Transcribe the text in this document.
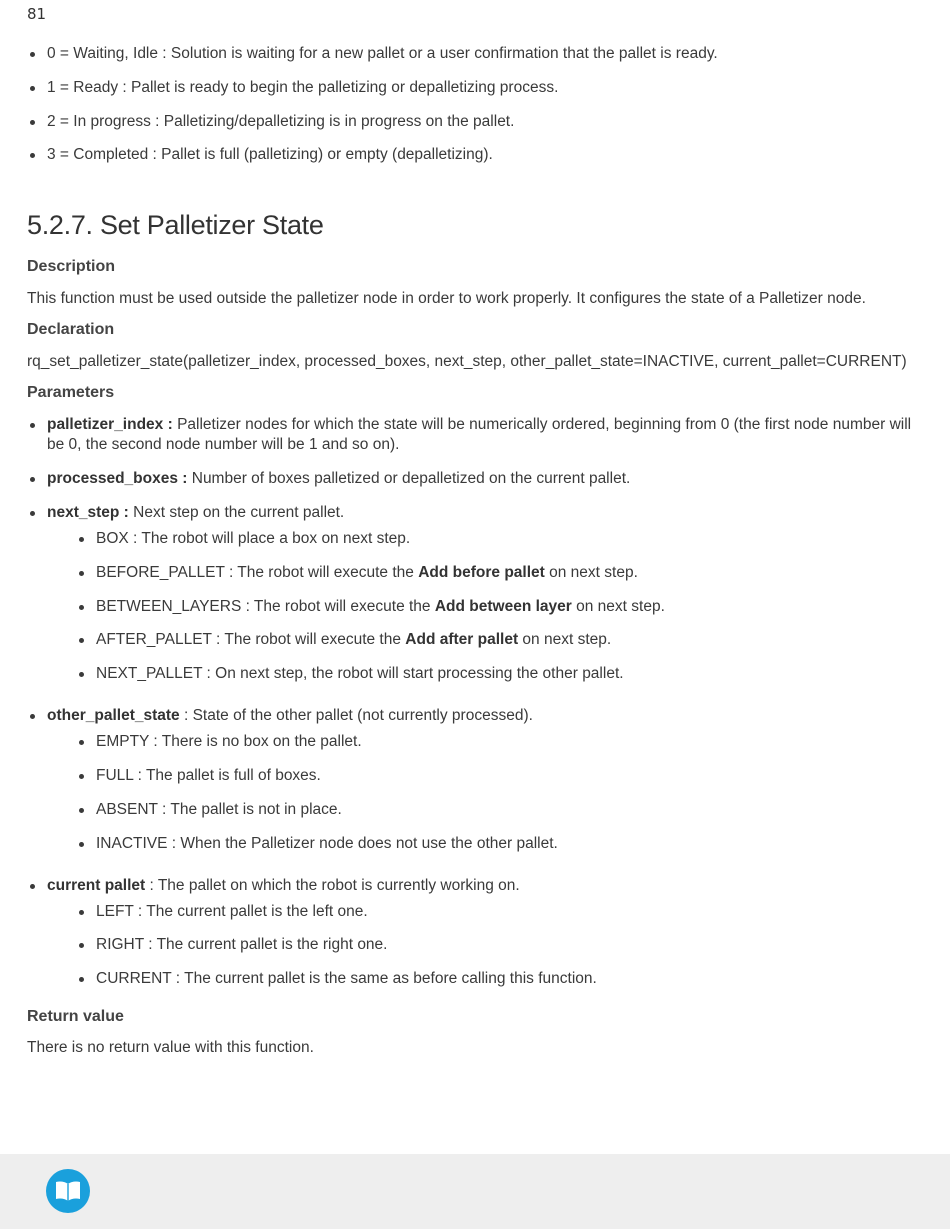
81
0 = Waiting, Idle : Solution is waiting for a new pallet or a user confirmation that the pallet is ready.
1 = Ready : Pallet is ready to begin the palletizing or depalletizing process.
2 = In progress : Palletizing/depalletizing is in progress on the pallet.
3 = Completed : Pallet is full (palletizing) or empty (depalletizing).
5.2.7. Set Palletizer State
Description

This function must be used outside the palletizer node in order to work properly. It configures the state of a Palletizer node.

Declaration

rq_set_palletizer_state(palletizer_index, processed_boxes, next_step, other_pallet_state=INACTIVE, current_pallet=CURRENT)

Parameters
palletizer_index : Palletizer nodes for which the state will be numerically ordered, beginning from 0 (the first node number will be 0, the second node number will be 1 and so on).
processed_boxes : Number of boxes palletized or depalletized on the current pallet.
next_step : Next step on the current pallet.
BOX : The robot will place a box on next step.
BEFORE_PALLET : The robot will execute the Add before pallet on next step.
BETWEEN_LAYERS : The robot will execute the Add between layer on next step.
AFTER_PALLET : The robot will execute the Add after pallet on next step.
NEXT_PALLET : On next step, the robot will start processing the other pallet.
other_pallet_state : State of the other pallet (not currently processed).
EMPTY : There is no box on the pallet.
FULL : The pallet is full of boxes.
ABSENT : The pallet is not in place.
INACTIVE : When the Palletizer node does not use the other pallet.
current pallet : The pallet on which the robot is currently working on.
LEFT : The current pallet is the left one.
RIGHT : The current pallet is the right one.
CURRENT : The current pallet is the same as before calling this function.
Return value

There is no return value with this function.
